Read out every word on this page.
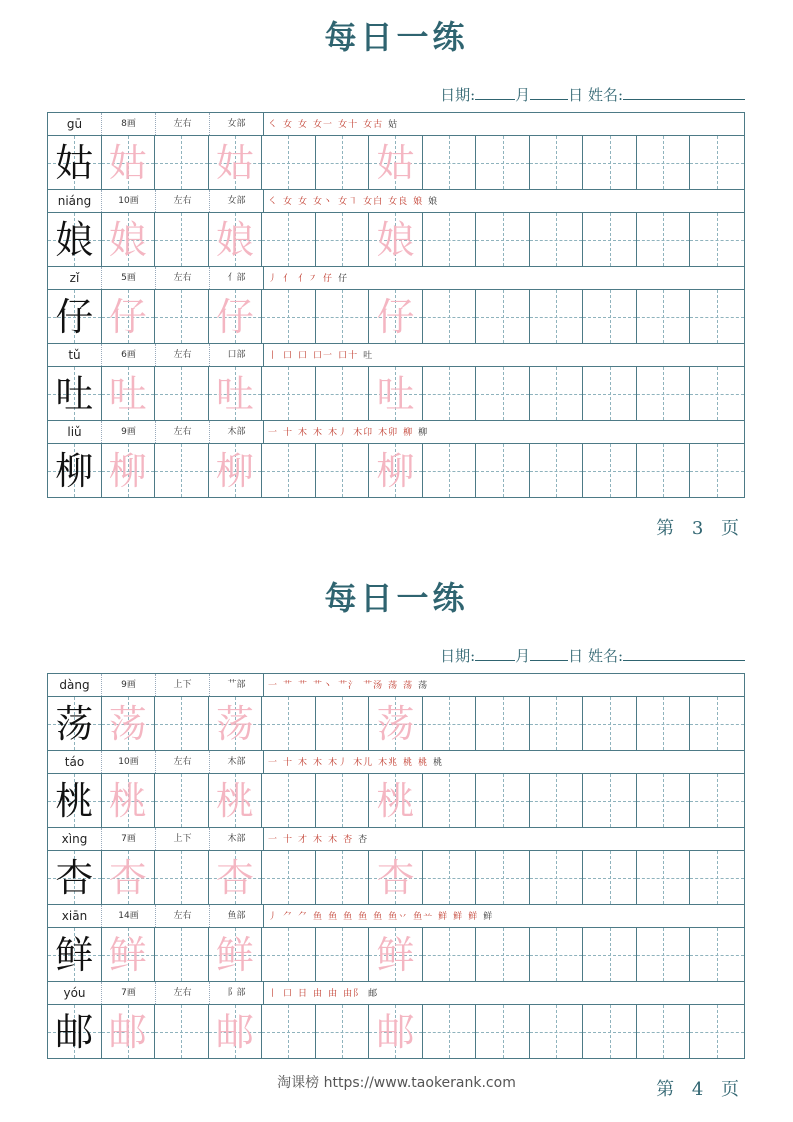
每日一练
日期:	月	日 姓名:
gū	8画	左右	女部	㇛ 女 女 女一 女十 女古 姑
姑 姑 姑	姑
niáng	10画	左右	女部	㇛ 女 女 女丶 女㇕ 女白 女良 娘 娘
娘 娘 娘	娘
zǐ	5画	左右	亻部	丿 亻 亻㇇ 仔 仔
仔 仔 仔	仔
tǔ	6画	左右	口部	丨 口 口 口一 口十 吐
吐 吐 吐	吐
liǔ	9画	左右	木部	一 十 木 木 木丿 木卬 木卯 柳 柳
柳 柳 柳	柳
第 3 页
每日一练
日期:	月	日 姓名:
dàng	9画	上下	艹部	一 艹 艹 艹丶 艹氵 艹汤 荡 荡 荡
荡 荡 荡	荡
táo	10画	左右	木部	一 十 木 木 木丿 木儿 木兆 桃 桃 桃
桃 桃 桃	桃
xìng	7画	上下	木部	一 十 才 木 木 杏 杏
杏 杏 杏	杏
xiān	14画	左右	鱼部	丿 ⺈ ⺈ 鱼 鱼 鱼 鱼 鱼 鱼丷 鱼䒑 鲜 鲜 鲜 鲜
鲜 鲜 鲜	鲜
yóu	7画	左右	阝部	丨 口 日 由 由 由阝 邮
邮 邮 邮	邮
第 4 页
淘课榜 https://www.taokerank.com
